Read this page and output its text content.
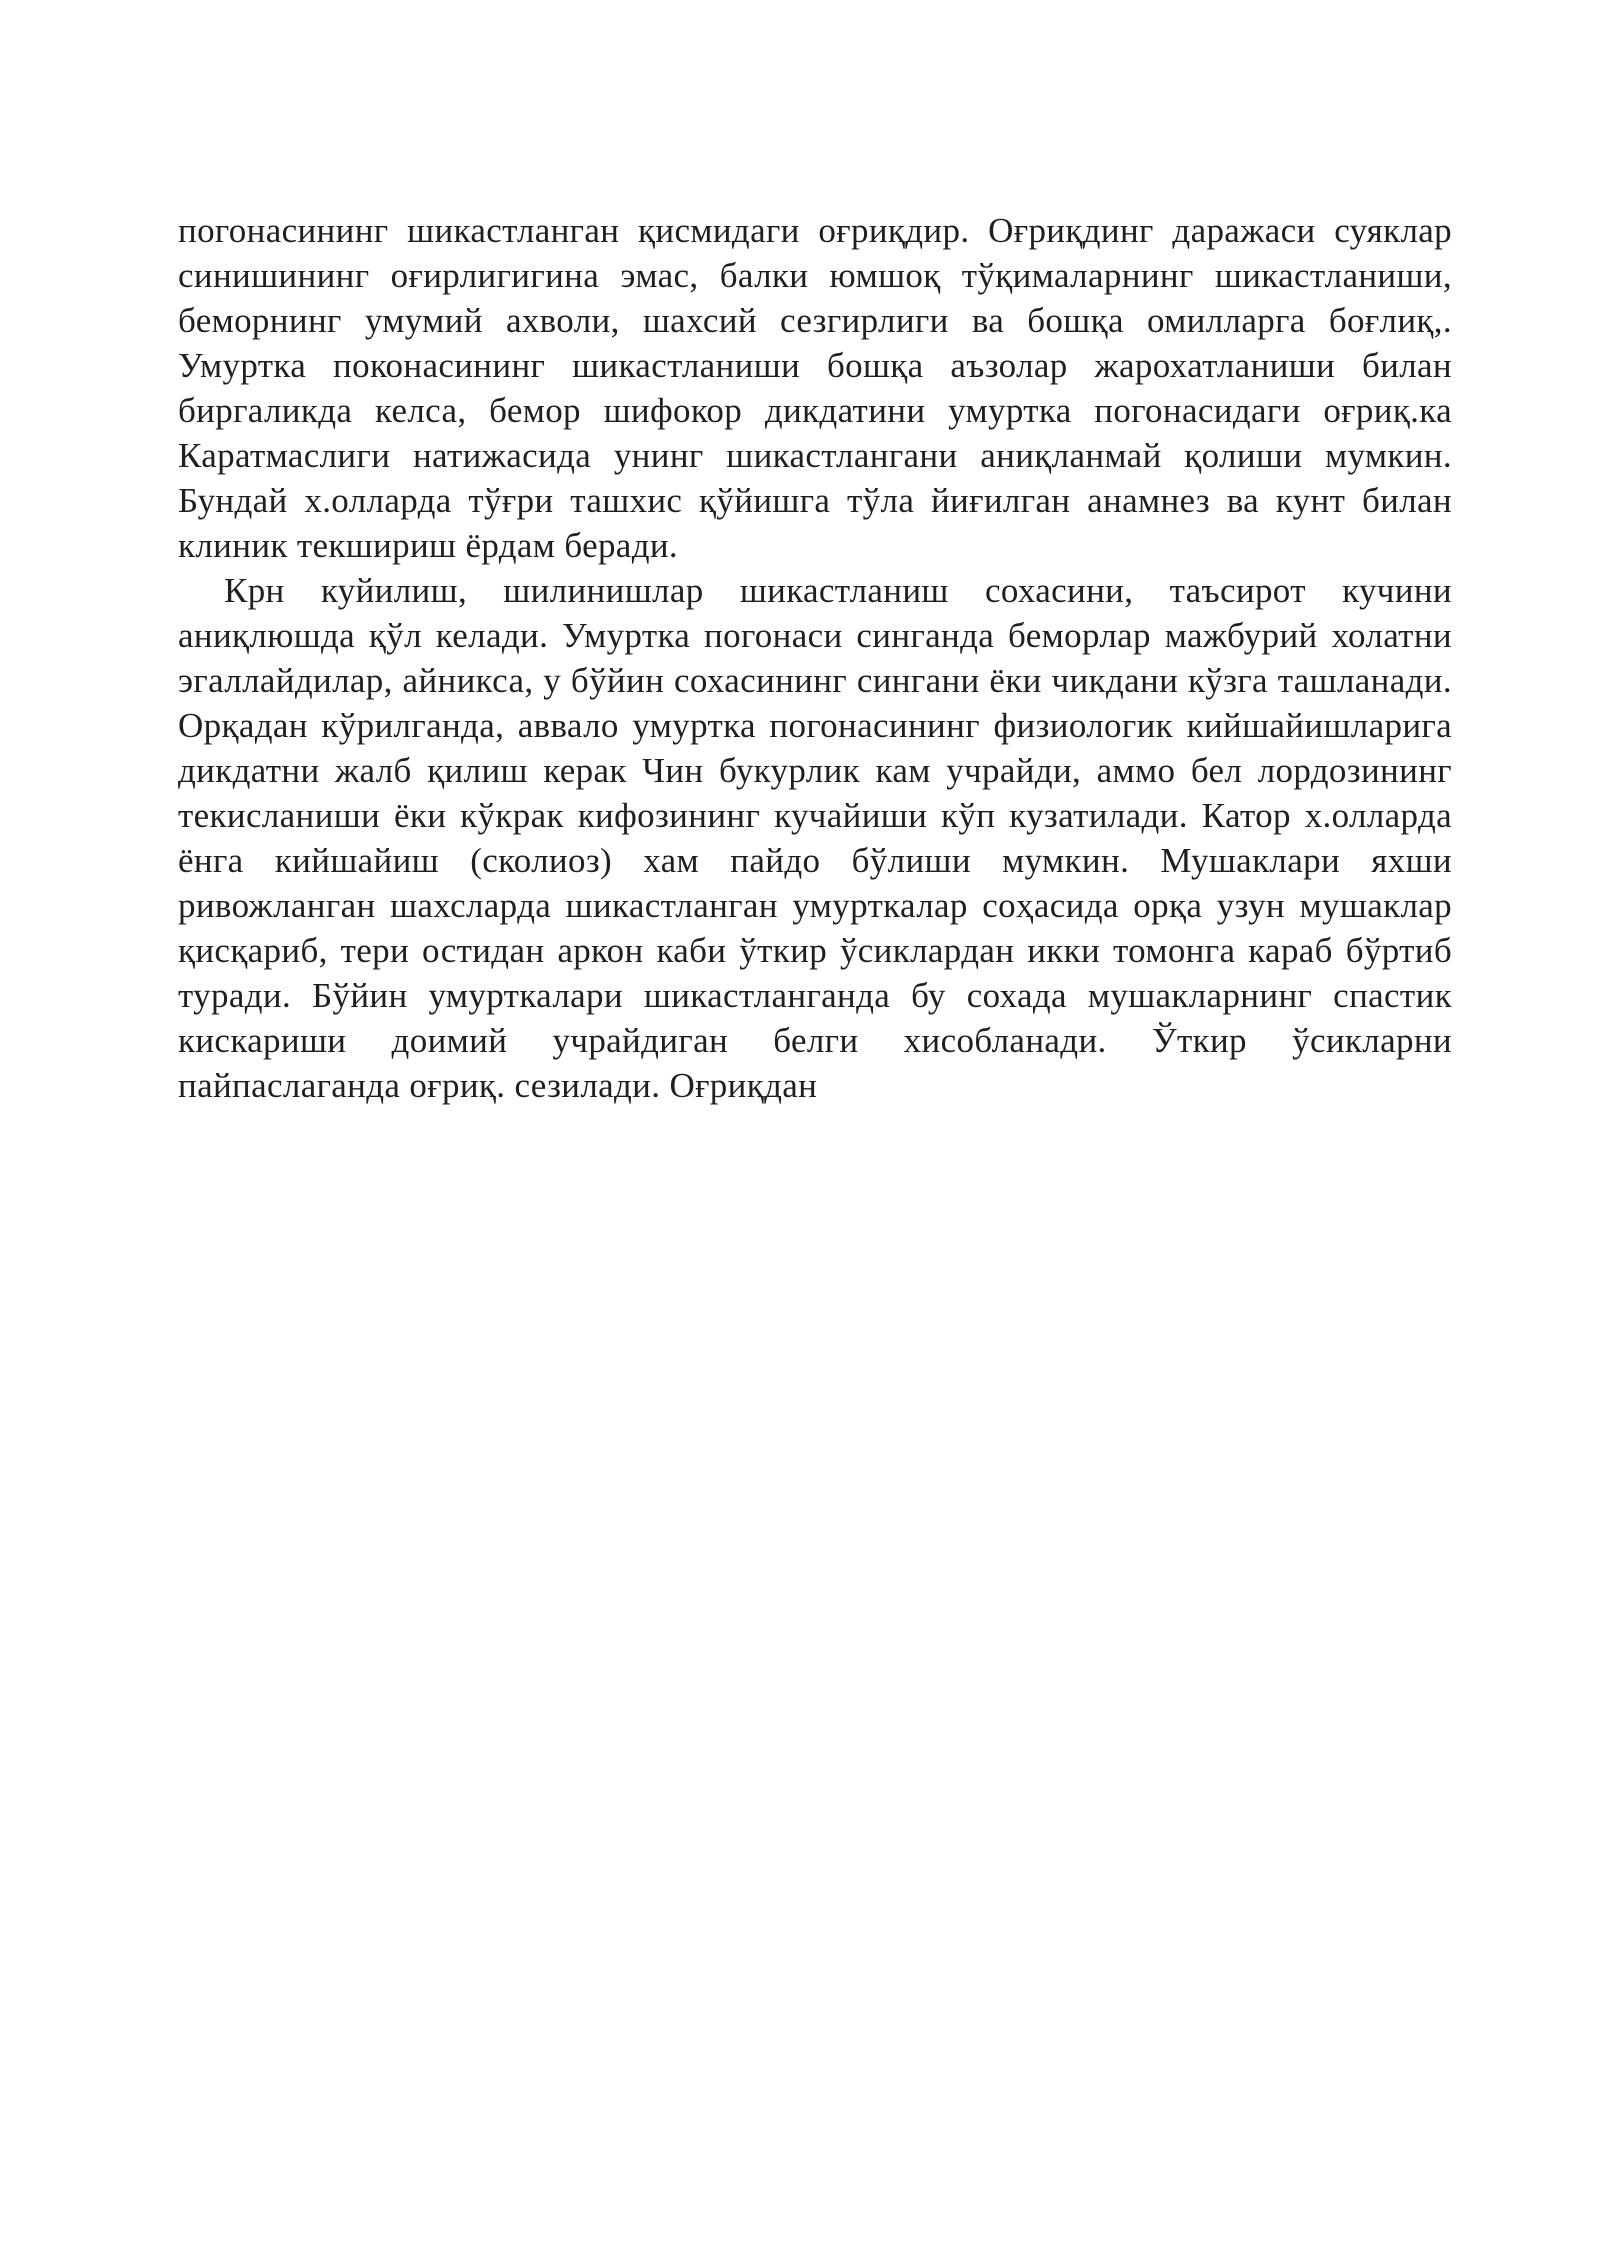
погонасининг шикастланган қисмидаги оғриқдир. Оғриқдинг даражаси суяклар синишининг оғирлигигина эмас, балки юмшоқ тўқималарнинг шикастланиши, беморнинг умумий ахволи, шахсий сезгирлиги ва бошқа омилларга боғлиқ,. Умуртка поконасининг шикастланиши бошқа аъзолар жарохатланиши билан биргаликда келса, бемор шифокор дикдатини умуртка погонасидаги оғриқ.ка Каратмаслиги натижасида унинг шикастлангани аниқланмай қолиши мумкин. Бундай х.олларда тўғри ташхис қўйишга тўла йиғилган анамнез ва кунт билан клиник текшириш ёрдам беради.

Крн куйилиш, шилинишлар шикастланиш сохасини, таъсирот кучини аниқлюшда қўл келади. Умуртка погонаси синганда беморлар мажбурий холатни эгаллайдилар, айникса, у бўйин сохасининг сингани ёки чикдани кўзга ташланади. Орқадан кўрилганда, аввало умуртка погонасининг физиологик кийшайишларига дикдатни жалб қилиш керак Чин букурлик кам учрайди, аммо бел лордозининг текисланиши ёки кўкрак кифозининг кучайиши кўп кузатилади. Катор х.олларда ёнга кийшайиш (сколиоз) хам пайдо бўлиши мумкин. Мушаклари яхши ривожланган шахсларда шикастланган умурткалар соҳасида орқа узун мушаклар қисқариб, тери остидан аркон каби ўткир ўсиклардан икки томонга караб бўртиб туради. Бўйин умурткалари шикастланганда бу сохада мушакларнинг спастик кискариши доимий учрайдиган белги хисобланади. Ўткир ўсикларни пайпаслаганда оғриқ. сезилади. Оғриқдан
